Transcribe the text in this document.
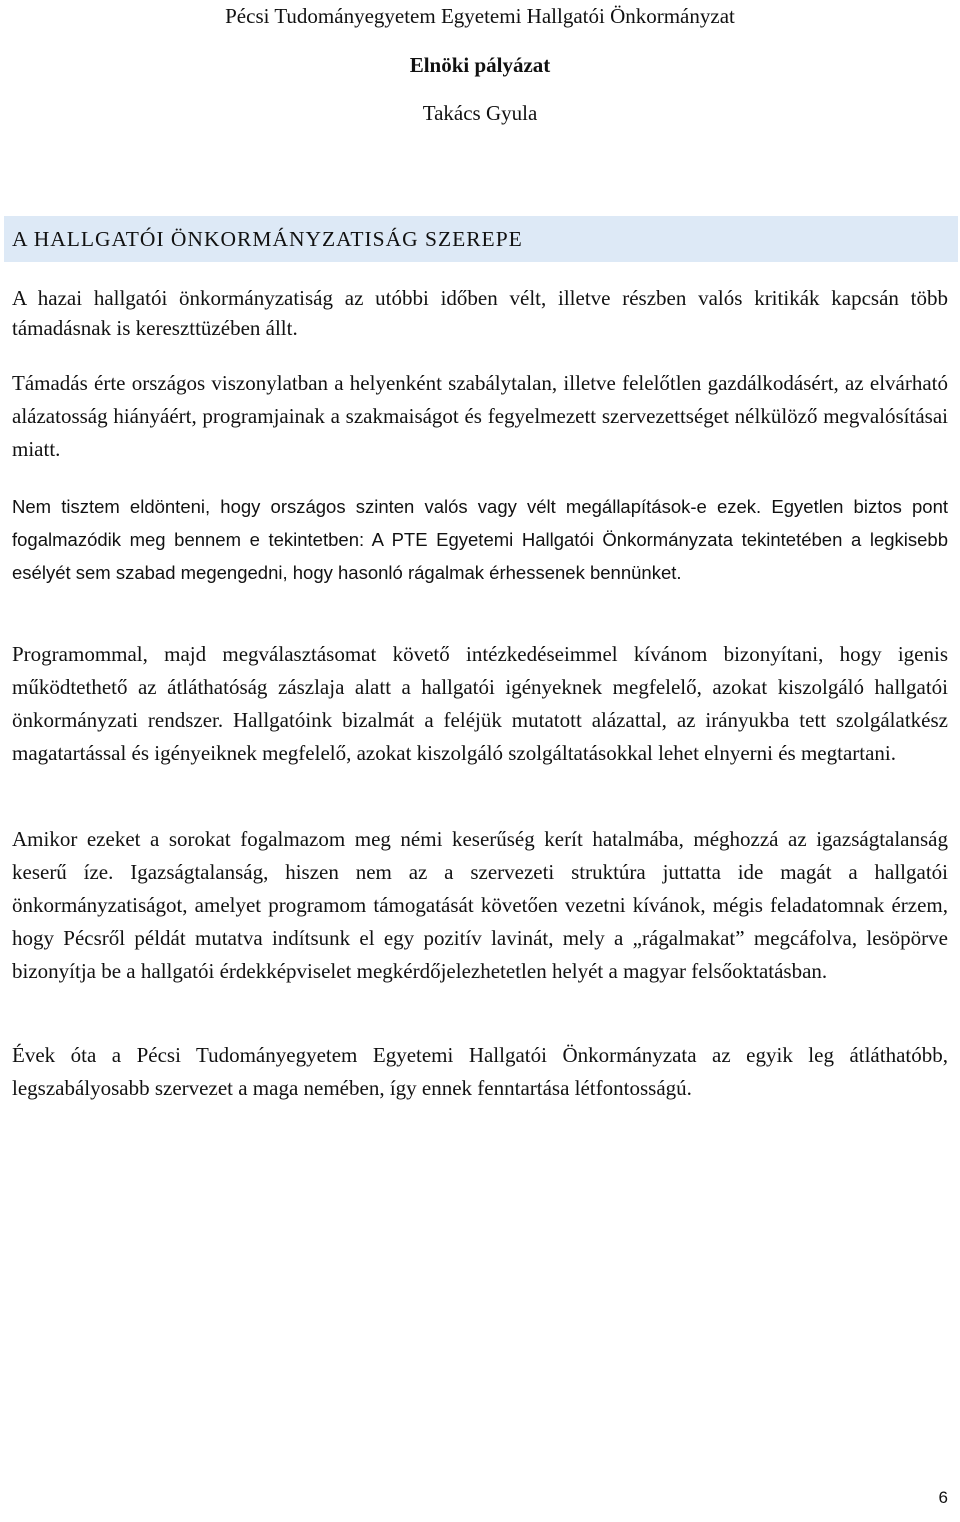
Pécsi Tudományegyetem Egyetemi Hallgatói Önkormányzat
Elnöki pályázat
Takács Gyula
A HALLGATÓI ÖNKORMÁNYZATISÁG SZEREPE

A hazai hallgatói önkormányzatiság az utóbbi időben vélt, illetve részben valós kritikák kapcsán több támadásnak is kereszttüzében állt.

Támadás érte országos viszonylatban a helyenként szabálytalan, illetve felelőtlen gazdálkodásért, az elvárható alázatosság hiányáért, programjainak a szakmaiságot és fegyelmezett szervezettséget nélkülöző megvalósításai miatt.

Nem tisztem eldönteni, hogy országos szinten valós vagy vélt megállapítások-e ezek. Egyetlen biztos pont fogalmazódik meg bennem e tekintetben: A PTE Egyetemi Hallgatói Önkormányzata tekintetében a legkisebb esélyét sem szabad megengedni, hogy hasonló rágalmak érhessenek bennünket.

Programommal, majd megválasztásomat követő intézkedéseimmel kívánom bizonyítani, hogy igenis működtethető az átláthatóság zászlaja alatt a hallgatói igényeknek megfelelő, azokat kiszolgáló hallgatói önkormányzati rendszer. Hallgatóink bizalmát a feléjük mutatott alázattal, az irányukba tett szolgálatkész magatartással és igényeiknek megfelelő, azokat kiszolgáló szolgáltatásokkal lehet elnyerni és megtartani.

Amikor ezeket a sorokat fogalmazom meg némi keserűség kerít hatalmába, méghozzá az igazságtalanság keserű íze. Igazságtalanság, hiszen nem az a szervezeti struktúra juttatta ide magát a hallgatói önkormányzatiságot, amelyet programom támogatását követően vezetni kívánok, mégis feladatomnak érzem, hogy Pécsről példát mutatva indítsunk el egy pozitív lavinát, mely a „rágalmakat” megcáfolva, lesöpörve bizonyítja be a hallgatói érdekképviselet megkérdőjelezhetetlen helyét a magyar felsőoktatásban.

Évek óta a Pécsi Tudományegyetem Egyetemi Hallgatói Önkormányzata az egyik leg átláthatóbb, legszabályosabb szervezet a maga nemében, így ennek fenntartása létfontosságú.

6
